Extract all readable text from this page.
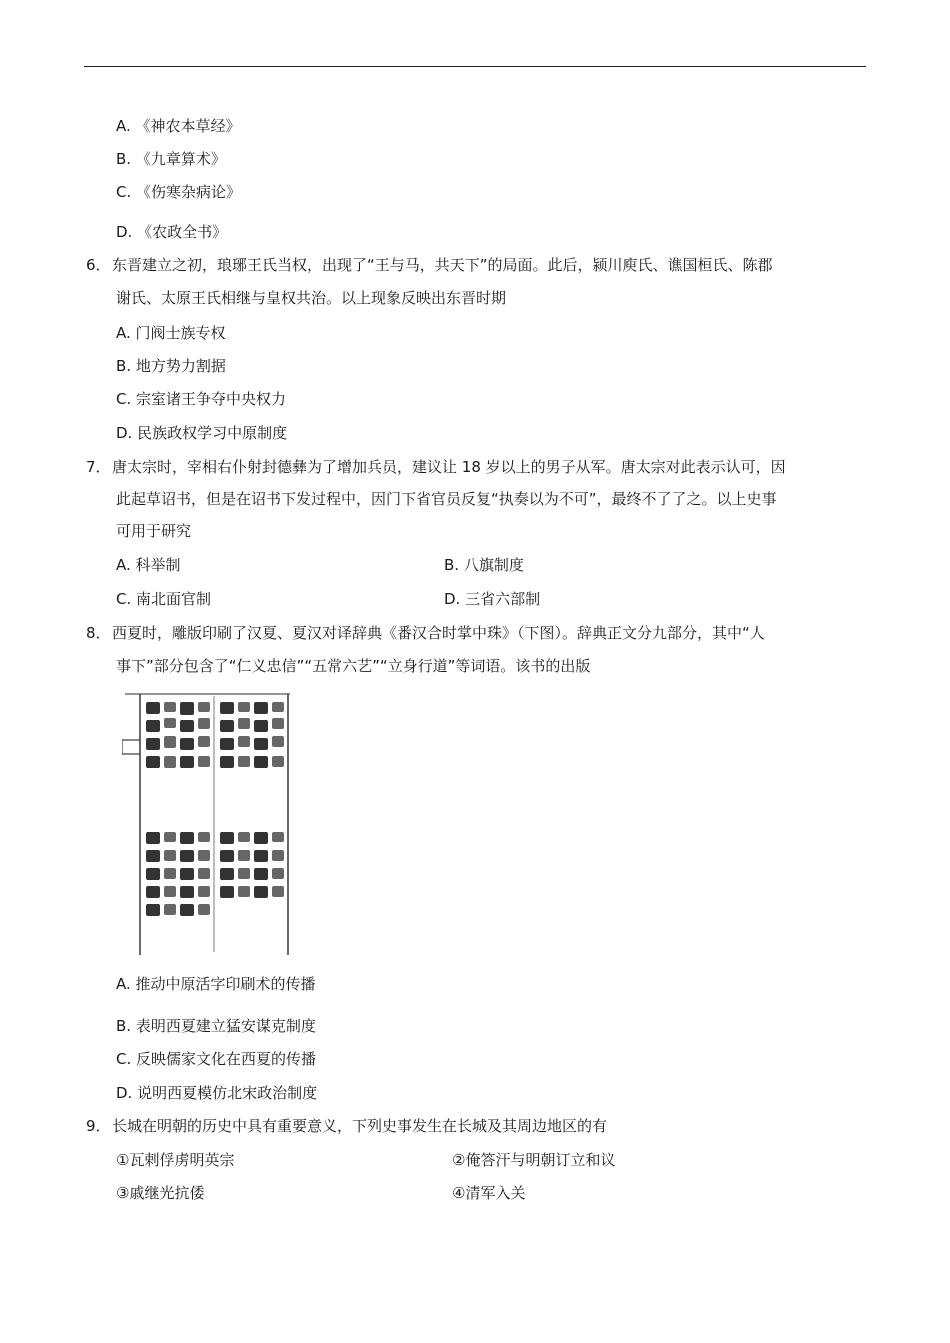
A. 《神农本草经》
B. 《九章算术》
C. 《伤寒杂病论》
D. 《农政全书》
6． 东晋建立之初，琅琊王氏当权，出现了“王与马，共天下”的局面。此后，颍川庾氏、谯国桓氏、陈郡
谢氏、太原王氏相继与皇权共治。以上现象反映出东晋时期
A. 门阀士族专权
B. 地方势力割据
C. 宗室诸王争夺中央权力
D. 民族政权学习中原制度
7． 唐太宗时，宰相右仆射封德彝为了增加兵员，建议让 18 岁以上的男子从军。唐太宗对此表示认可，因
此起草诏书，但是在诏书下发过程中，因门下省官员反复“执奏以为不可”，最终不了了之。以上史事
可用于研究
A. 科举制	B. 八旗制度
C. 南北面官制	D. 三省六部制
8． 西夏时，雕版印刷了汉夏、夏汉对译辞典《番汉合时掌中珠》（下图）。辞典正文分九部分，其中“人
事下”部分包含了“仁义忠信”“五常六艺”“立身行道”等词语。该书的出版
A. 推动中原活字印刷术的传播
B. 表明西夏建立猛安谋克制度
C. 反映儒家文化在西夏的传播
D. 说明西夏模仿北宋政治制度
9． 长城在明朝的历史中具有重要意义，下列史事发生在长城及其周边地区的有
①瓦剌俘虏明英宗	②俺答汗与明朝订立和议
③戚继光抗倭	④清军入关
